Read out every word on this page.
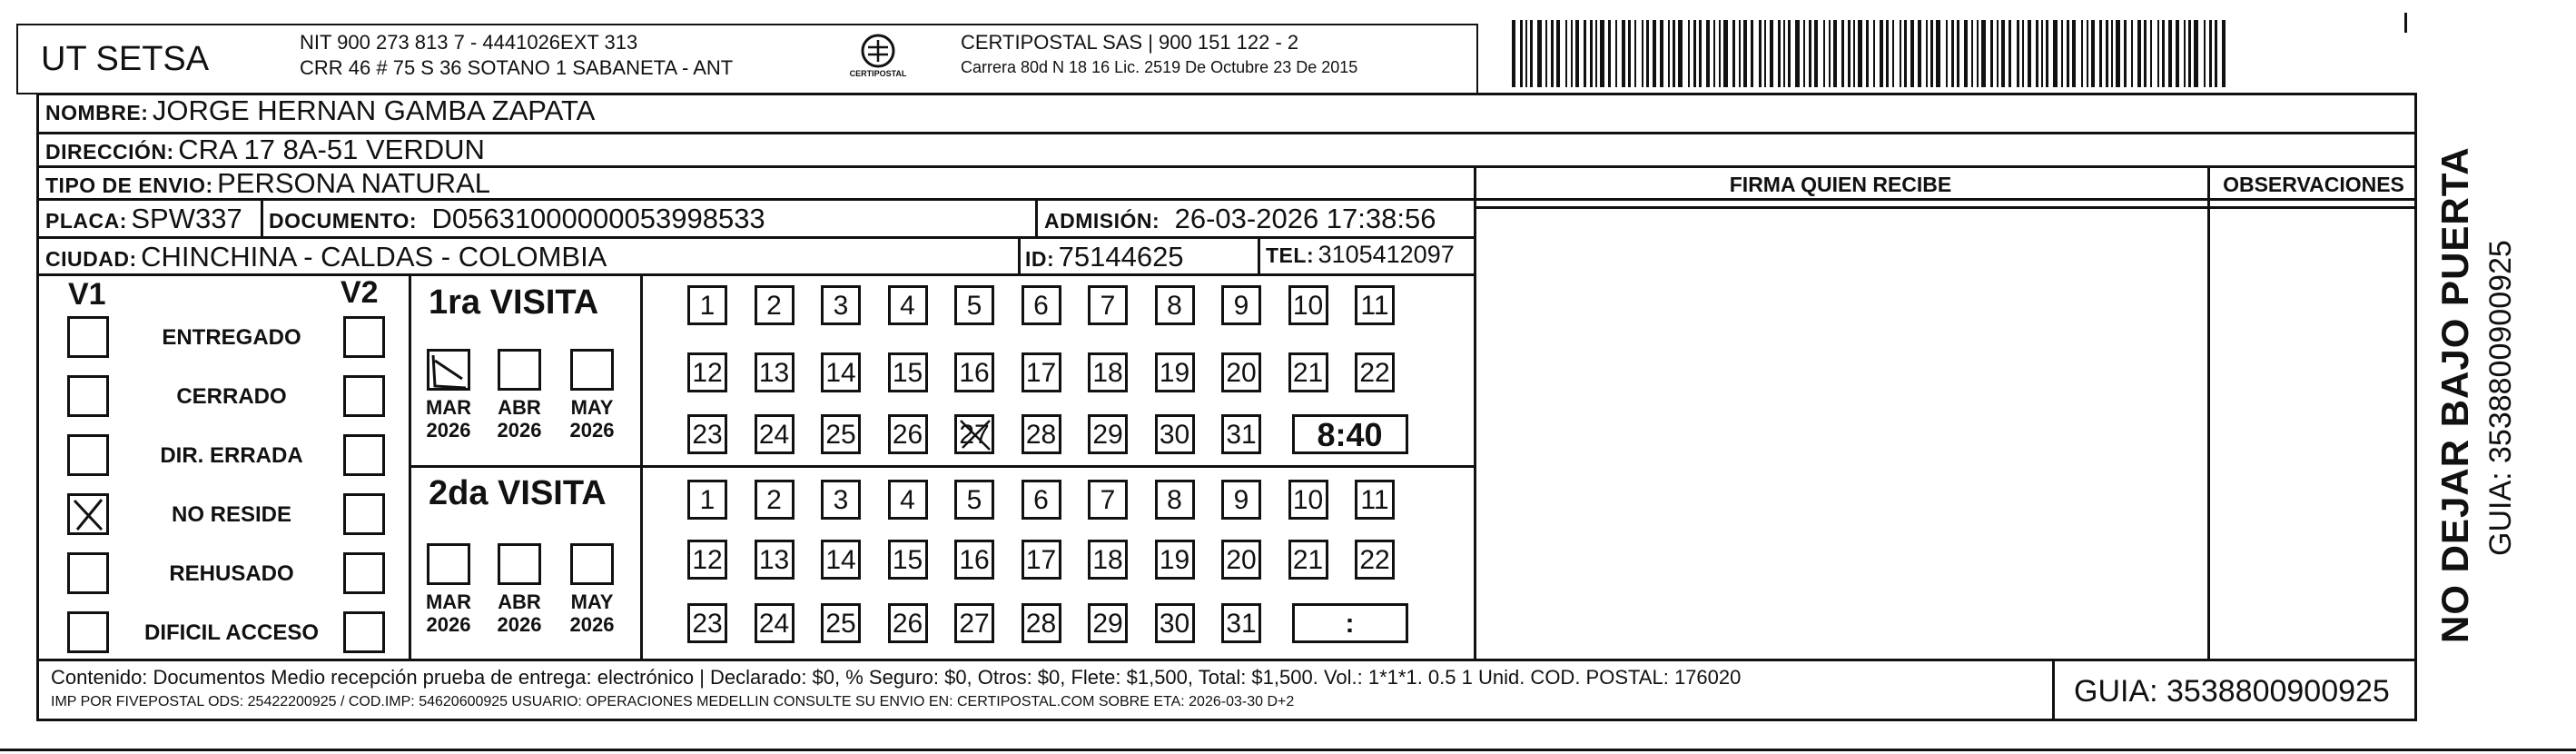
UT SETSA	NIT 900 273 813 7 - 4441026EXT 313
CRR 46 # 75 S 36 SOTANO 1 SABANETA - ANT	CERTIPOSTAL
CERTIPOSTAL SAS | 900 151 122 - 2
Carrera 80d N 18 16 Lic. 2519 De Octubre 23 De 2015
NOMBRE: JORGE HERNAN GAMBA ZAPATA
DIRECCIÓN: CRA 17 8A-51 VERDUN
TIPO DE ENVIO: PERSONA NATURAL
PLACA: SPW337 DOCUMENTO: D05631000000053998533	ADMISIÓN: 26-03-2026 17:38:56
CIUDAD: CHINCHINA - CALDAS - COLOMBIA	ID: 75144625	TEL: 3105412097
FIRMA QUIEN RECIBE	OBSERVACIONES
V1	V2
ENTREGADO
CERRADO
DIR. ERRADA
NO RESIDE
REHUSADO
DIFICIL ACCESO
1ra VISITA
2da VISITA
MAR
2026
ABR
2026
MAY
2026
MAR
2026
ABR
2026
MAY
2026
1	2	3	4	5	6	7	8	9	10 11
12 13 14 15 16 17 18 19 20 21 22
23 24 25 26 27 28 29 30 31	8:40
1	2	3	4	5	6	7	8	9	10 11
12 13 14 15 16 17 18 19 20 21 22
23 24 25 26 27 28 29 30 31	:
Contenido: Documentos Medio recepción prueba de entrega: electrónico | Declarado: $0, % Seguro: $0, Otros: $0, Flete: $1,500, Total: $1,500. Vol.: 1*1*1. 0.5 1 Unid. COD. POSTAL: 176020
IMP POR FIVEPOSTAL ODS: 25422200925 / COD.IMP: 54620600925 USUARIO: OPERACIONES MEDELLIN CONSULTE SU ENVIO EN: CERTIPOSTAL.COM SOBRE ETA: 2026-03-30 D+2	GUIA: 3538800900925
NO DEJAR BAJO PUERTA GUIA: 3538800900925
